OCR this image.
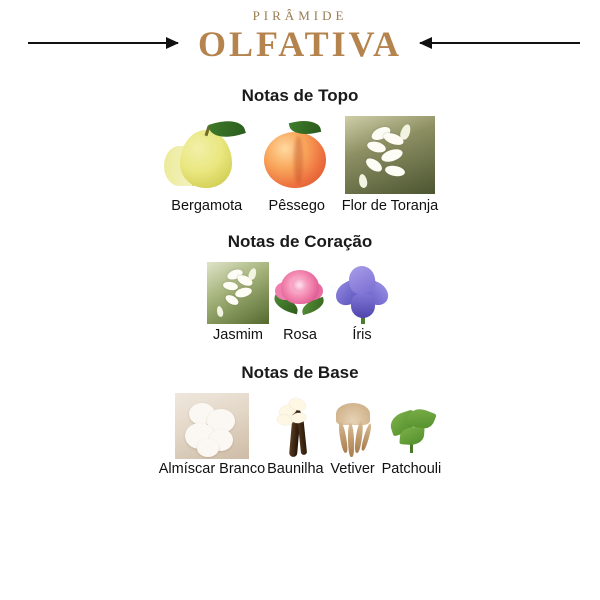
PIRÂMIDE
OLFATIVA
Notas de Topo
Bergamota Pêssego Flor de Toranja
Notas de Coração
Jasmim Rosa Íris
Notas de Base
Almíscar Branco Baunilha Vetiver Patchouli
